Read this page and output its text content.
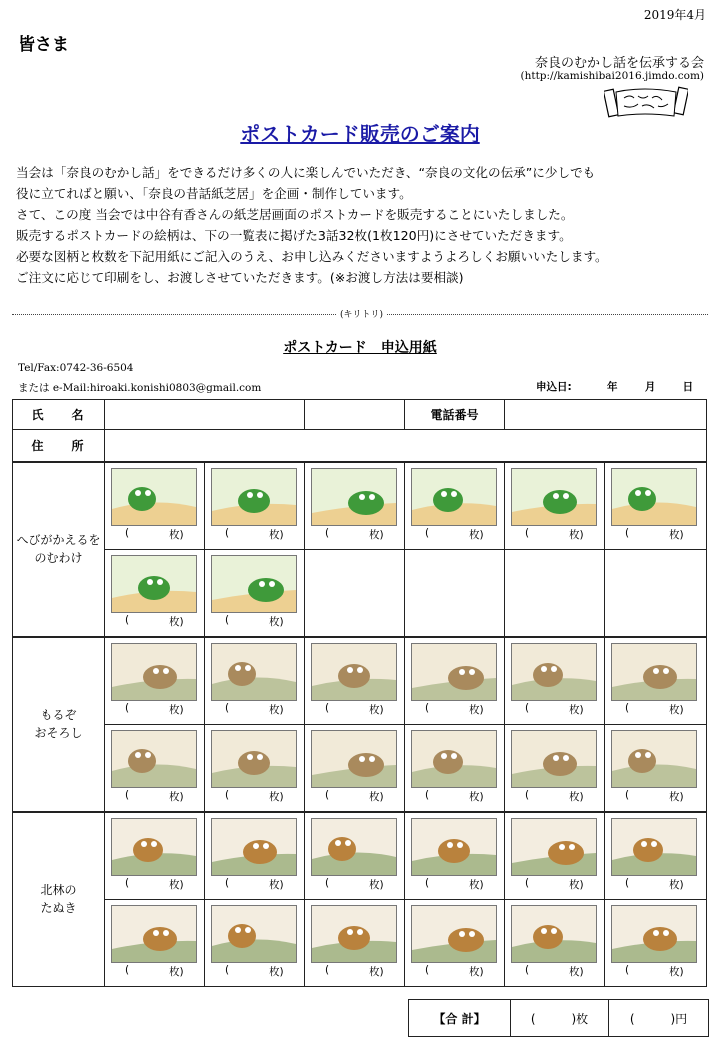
2019年4月
皆さま
奈良のむかし話を伝承する会
(http://kamishibai2016.jimdo.com)
ポストカード販売のご案内

当会は「奈良のむかし話」をできるだけ多くの人に楽しんでいただき、“奈良の文化の伝承”に少しでも

役に立てればと願い、「奈良の昔話紙芝居」を企画・制作しています。

さて、この度 当会では中谷有香さんの紙芝居画面のポストカードを販売することにいたしました。

販売するポストカードの絵柄は、下の一覧表に掲げた3話32枚(1枚120円)にさせていただきます。

必要な図柄と枚数を下記用紙にご記入のうえ、お申し込みくださいますようよろしくお願いいたします。

ご注文に応じて印刷をし、お渡しさせていただきます。(※お渡し方法は要相談)

(キリトリ)
ポストカード　申込用紙
Tel/Fax:0742-36-6504
または e-Mail:hiroaki.konishi0803@gmail.com	申込日:	年	月	日
氏 名				電話番号		
住 所						
へびがかえるを
のむわけ	( 枚)	( 枚)	( 枚)	( 枚)	( 枚)	( 枚)

	( 枚)	( 枚)				

もるぞ
おそろし	( 枚)	( 枚)	( 枚)	( 枚)	( 枚)	( 枚)

	( 枚)	( 枚)	( 枚)	( 枚)	( 枚)	( 枚)

北林の
たぬき	( 枚)	( 枚)	( 枚)	( 枚)	( 枚)	( 枚)

	( 枚)	( 枚)	( 枚)	( 枚)	( 枚)	( 枚)
【合 計】	(　　　)枚	(　　　)円
